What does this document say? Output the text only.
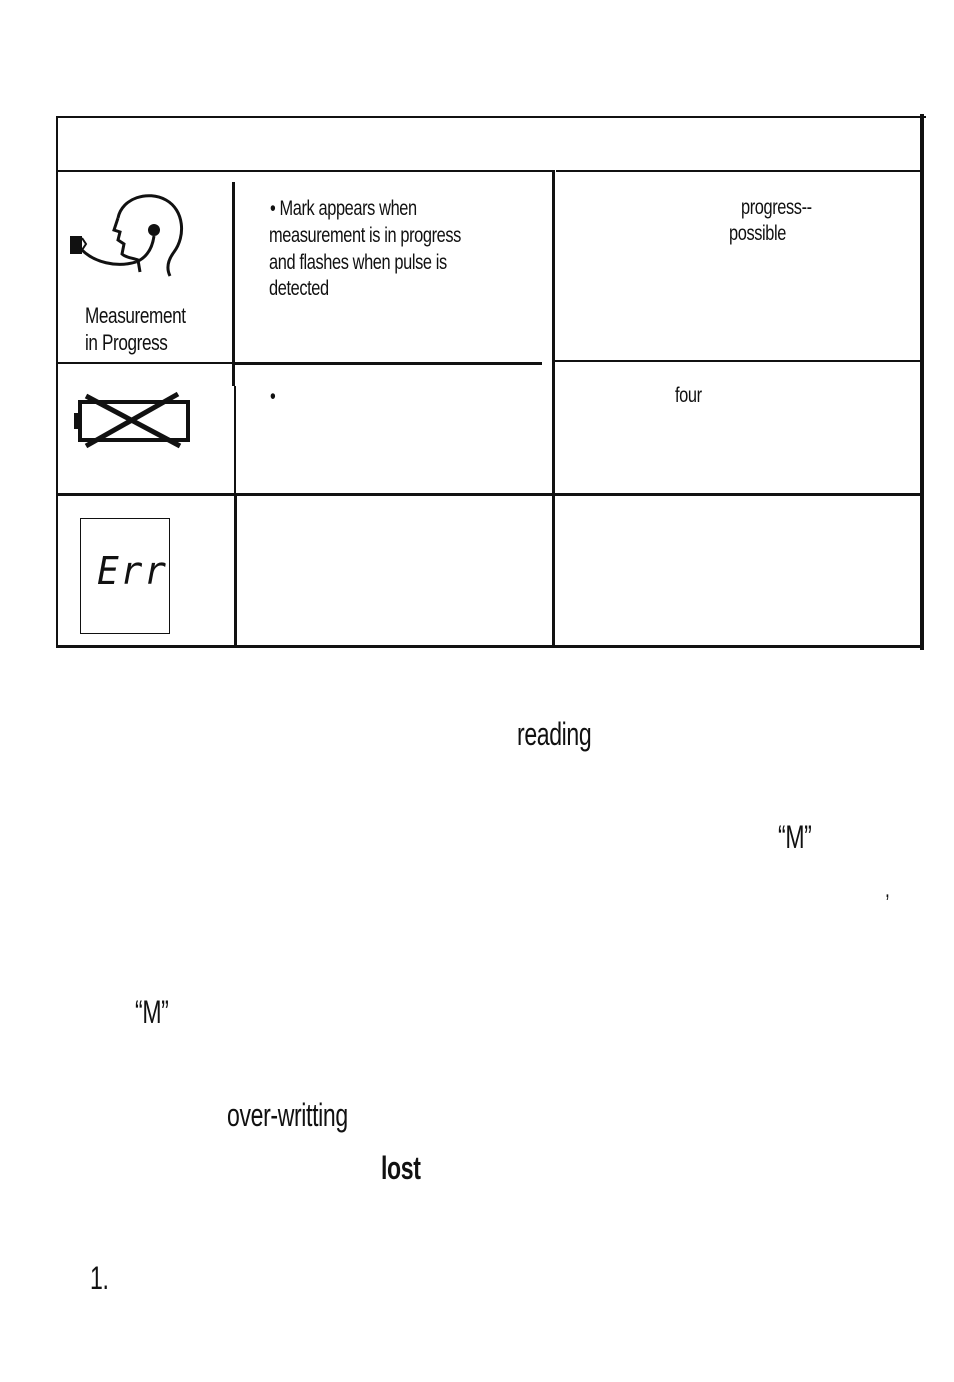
Measurement
in Progress
• Mark appears when
measurement is in progress
and flashes when pulse is
detected
progress--
possible
•	four
Err
reading
“M”
,
“M”
over-writting
lost
1.
